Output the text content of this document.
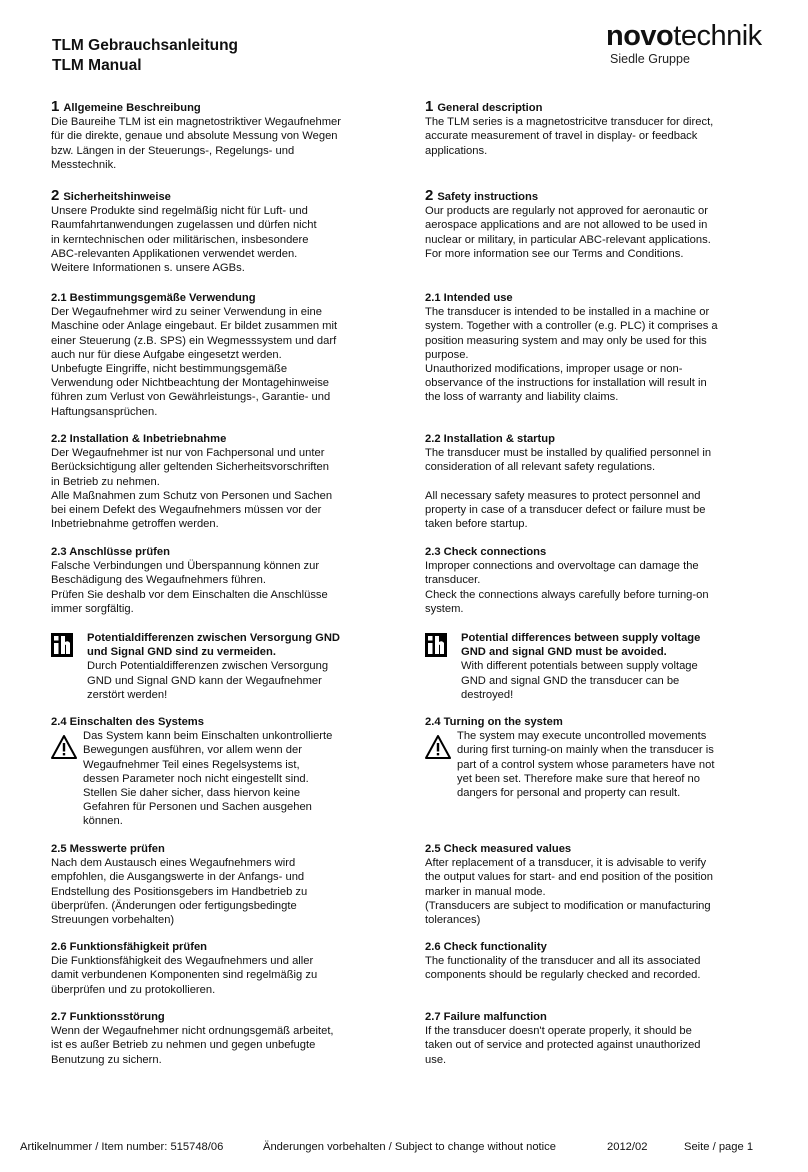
TLM Gebrauchsanleitung
TLM Manual
novotechnik
Siedle Gruppe
1 Allgemeine Beschreibung

Die Baureihe TLM ist ein magnetostriktiver Wegaufnehmer
für die direkte, genaue und absolute Messung von Wegen
bzw. Längen in der Steuerungs-, Regelungs- und
Messtechnik.

2 Sicherheitshinweise

Unsere Produkte sind regelmäßig nicht für Luft- und
Raumfahrtanwendungen zugelassen und dürfen nicht
in kerntechnischen oder militärischen, insbesondere
ABC-relevanten Applikationen verwendet werden.
Weitere Informationen s. unsere AGBs.

2.1 Bestimmungsgemäße Verwendung

Der Wegaufnehmer wird zu seiner Verwendung in eine
Maschine oder Anlage eingebaut. Er bildet zusammen mit
einer Steuerung (z.B. SPS) ein Wegmesssystem und darf
auch nur für diese Aufgabe eingesetzt werden.
Unbefugte Eingriffe, nicht bestimmungsgemäße
Verwendung oder Nichtbeachtung der Montagehinweise
führen zum Verlust von Gewährleistungs-, Garantie- und
Haftungsansprüchen.

2.2 Installation & Inbetriebnahme

Der Wegaufnehmer ist nur von Fachpersonal und unter
Berücksichtigung aller geltenden Sicherheitsvorschriften
in Betrieb zu nehmen.
Alle Maßnahmen zum Schutz von Personen und Sachen
bei einem Defekt des Wegaufnehmers müssen vor der
Inbetriebnahme getroffen werden.

2.3 Anschlüsse prüfen

Falsche Verbindungen und Überspannung können zur
Beschädigung des Wegaufnehmers führen.
Prüfen Sie deshalb vor dem Einschalten die Anschlüsse
immer sorgfältig.

Potentialdifferenzen zwischen Versorgung GND
und Signal GND sind zu vermeiden.
Durch Potentialdifferenzen zwischen Versorgung
GND und Signal GND kann der Wegaufnehmer
zerstört werden!
2.4 Einschalten des Systems

Das System kann beim Einschalten unkontrollierte
Bewegungen ausführen, vor allem wenn der
Wegaufnehmer Teil eines Regelsystems ist,
dessen Parameter noch nicht eingestellt sind.
Stellen Sie daher sicher, dass hiervon keine
Gefahren für Personen und Sachen ausgehen
können.

2.5 Messwerte prüfen

Nach dem Austausch eines Wegaufnehmers wird
empfohlen, die Ausgangswerte in der Anfangs- und
Endstellung des Positionsgebers im Handbetrieb zu
überprüfen. (Änderungen oder fertigungsbedingte
Streuungen vorbehalten)

2.6 Funktionsfähigkeit prüfen

Die Funktionsfähigkeit des Wegaufnehmers und aller
damit verbundenen Komponenten sind regelmäßig zu
überprüfen und zu protokollieren.

2.7 Funktionsstörung

Wenn der Wegaufnehmer nicht ordnungsgemäß arbeitet,
ist es außer Betrieb zu nehmen und gegen unbefugte
Benutzung zu sichern.

1 General description

The TLM series is a magnetostricitve transducer for direct,
accurate measurement of travel in display- or feedback
applications.

2 Safety instructions

Our products are regularly not approved for aeronautic or
aerospace applications and are not allowed to be used in
nuclear or military, in particular ABC-relevant applications.
For more information see our Terms and Conditions.

2.1 Intended use

The transducer is intended to be installed in a machine or
system. Together with a controller (e.g. PLC) it comprises a
position measuring system and may only be used for this
purpose.
Unauthorized modifications, improper usage or non-
observance of the instructions for installation will result in
the loss of warranty and liability claims.

2.2 Installation & startup

The transducer must be installed by qualified personnel in
consideration of all relevant safety regulations.

All necessary safety measures to protect personnel and
property in case of a transducer defect or failure must be
taken before startup.

2.3 Check connections

Improper connections and overvoltage can damage the
transducer.
Check the connections always carefully before turning-on
system.

Potential differences between supply voltage
GND and signal GND must be avoided.
With different potentials between supply voltage
GND and signal GND the transducer can be
destroyed!
2.4 Turning on the system

The system may execute uncontrolled movements
during first turning-on mainly when the transducer is
part of a control system whose parameters have not
yet been set. Therefore make sure that hereof no
dangers for personal and property can result.

2.5 Check measured values

After replacement of a transducer, it is advisable to verify
the output values for start- and end position of the position
marker in manual mode.
(Transducers are subject to modification or manufacturing
tolerances)

2.6 Check functionality

The functionality of the transducer and all its associated
components should be regularly checked and recorded.

2.7 Failure malfunction

If the transducer doesn't operate properly, it should be
taken out of service and protected against unauthorized
use.

Artikelnummer / Item number: 515748/06	Änderungen vorbehalten / Subject to change without notice	2012/02	Seite / page 1
